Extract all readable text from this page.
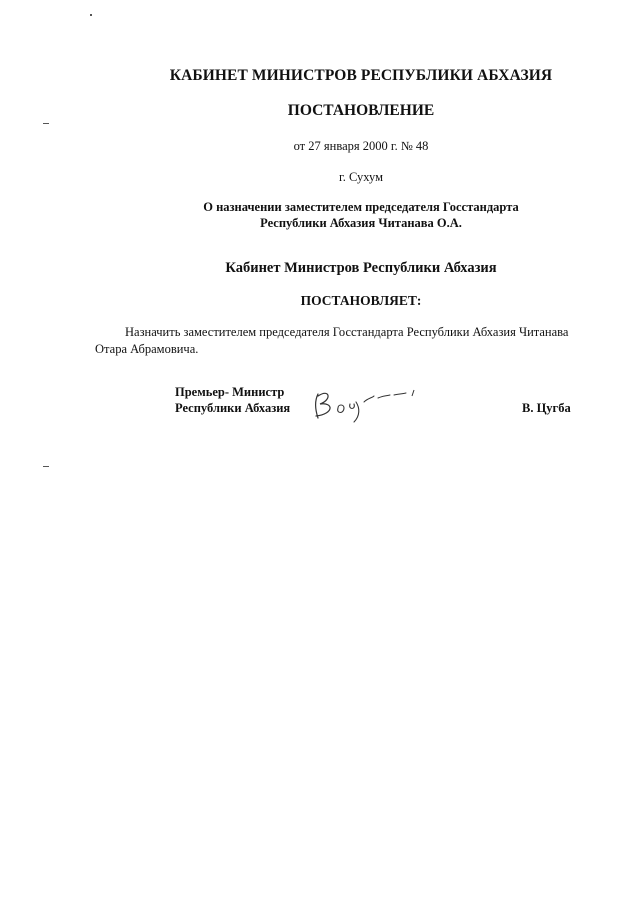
КАБИНЕТ МИНИСТРОВ РЕСПУБЛИКИ АБХАЗИЯ
ПОСТАНОВЛЕНИЕ
от 27 января 2000 г. № 48
г. Сухум
О назначении заместителем председателя Госстандарта
Республики Абхазия Читанава О.А.
Кабинет Министров Республики Абхазия
ПОСТАНОВЛЯЕТ:
Назначить заместителем председателя Госстандарта Республики Абхазия Читанава
Отара Абрамовича.
Премьер- Министр
Республики Абхазия	В. Цугба
